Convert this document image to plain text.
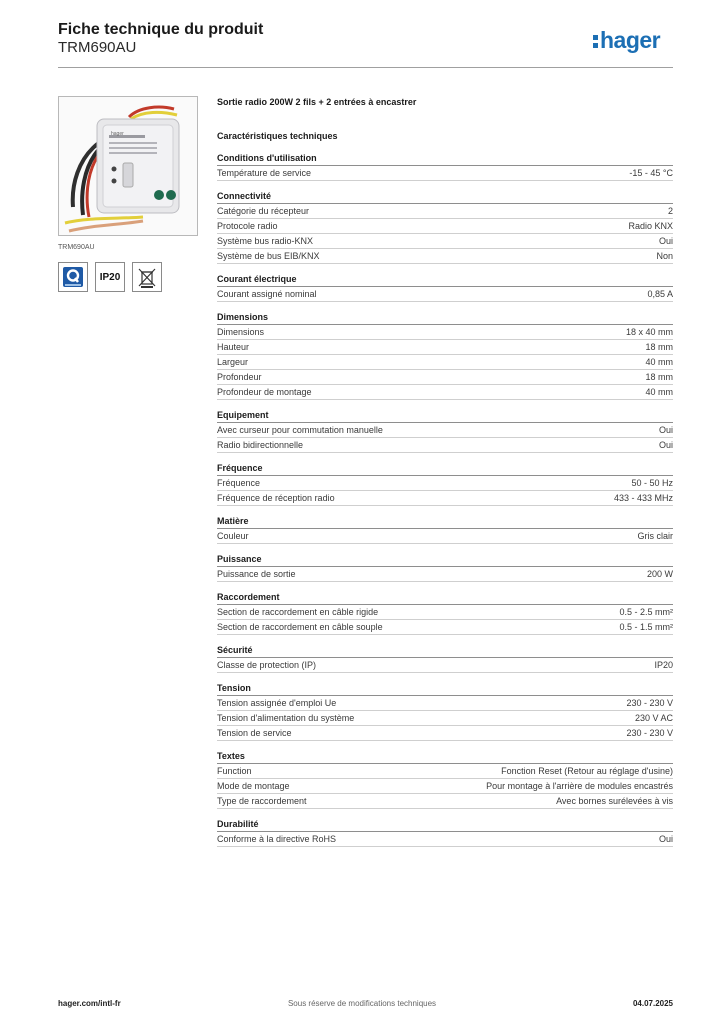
Fiche technique du produit
TRM690AU	hager
hager
TRM690AU
IP20
Sortie radio 200W 2 fils + 2 entrées à encastrer
Caractéristiques techniques
Conditions d'utilisation
Température de service	-15 - 45 °C
Connectivité
Catégorie du récepteur	2
Protocole radio	Radio KNX
Système bus radio-KNX	Oui
Système de bus EIB/KNX	Non
Courant électrique
Courant assigné nominal	0,85 A
Dimensions
Dimensions	18 x 40 mm
Hauteur	18 mm
Largeur	40 mm
Profondeur	18 mm
Profondeur de montage	40 mm
Equipement
Avec curseur pour commutation manuelle	Oui
Radio bidirectionnelle	Oui
Fréquence
Fréquence	50 - 50 Hz
Fréquence de réception radio	433 - 433 MHz
Matière
Couleur	Gris clair
Puissance
Puissance de sortie	200 W
Raccordement
Section de raccordement en câble rigide	0.5 - 2.5 mm²
Section de raccordement en câble souple	0.5 - 1.5 mm²
Sécurité
Classe de protection (IP)	IP20
Tension
Tension assignée d'emploi Ue	230 - 230 V
Tension d'alimentation du système	230 V AC
Tension de service	230 - 230 V
Textes
Function	Fonction Reset (Retour au réglage d'usine)
Mode de montage	Pour montage à l'arrière de modules encastrés
Type de raccordement	Avec bornes surélevées à vis
Durabilité
Conforme à la directive RoHS	Oui
hager.com/intl-fr	Sous réserve de modifications techniques	04.07.2025
